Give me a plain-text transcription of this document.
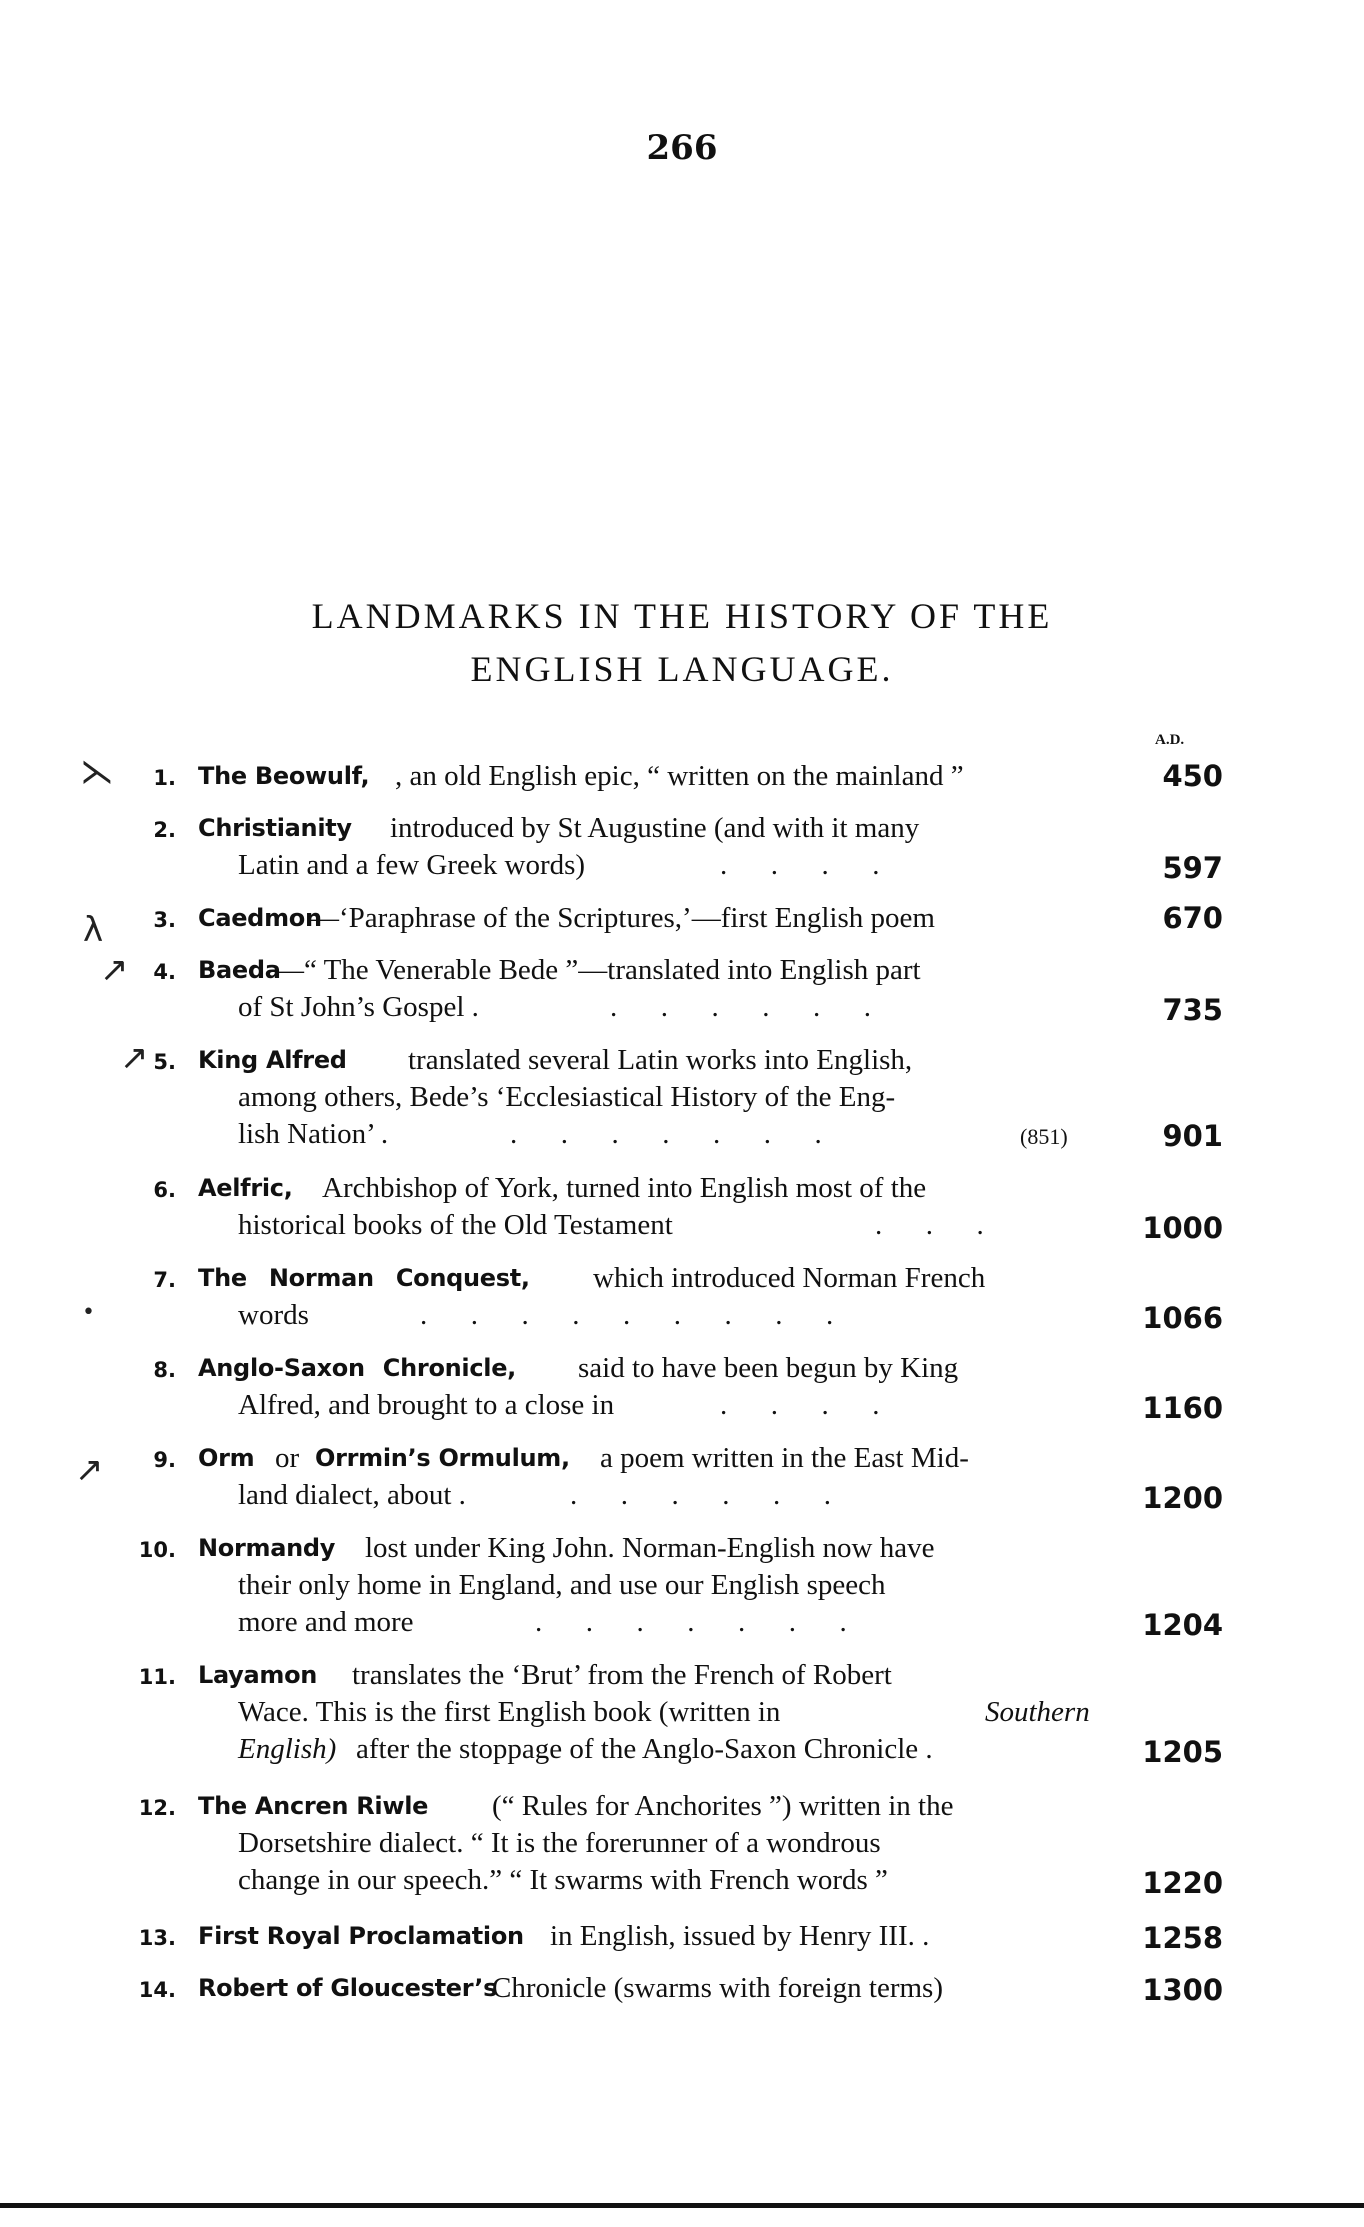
266
LANDMARKS IN THE HISTORY OF THE
ENGLISH LANGUAGE.
A.D.
⋋
λ
↗
↗
•
↗
1. The Beowulf, , an old English epic, “ written on the mainland ”	450
2. Christianity introduced by St Augustine (and with it many
Latin and a few Greek words)	.      .      .      .	597
3. Caedmon
—‘Paraphrase of the Scriptures,’—first English poem	670
4. Baeda
—“ The Venerable Bede ”—translated into English part
of St John’s Gospel .	.      .      .      .      .      .	735
5. King Alfred translated several Latin works into English,
among others, Bede’s ‘Ecclesiastical History of the Eng-
lish Nation’ .	.      .      .      .      .      .      .	(851)	901
6. Aelfric, Archbishop of York, turned into English most of the
historical books of the Old Testament	.      .      .	1000
7. The Norman Conquest, which introduced Norman French
words	.      .      .      .      .      .      .      .      .	1066
8. Anglo-Saxon Chronicle, said to have been begun by King
Alfred, and brought to a close in	.      .      .      .	1160
9. Orm or Orrmin’s Ormulum, a poem written in the East Mid-
land dialect, about .	.      .      .      .      .      .	1200
10. Normandy lost under King John. Norman-English now have
their only home in England, and use our English speech
more and more	.      .      .      .      .      .      .	1204
11. Layamon translates the ‘Brut’ from the French of Robert
Wace. This is the first English book (written in	Southern
English) after the stoppage of the Anglo-Saxon Chronicle .	1205
12. The Ancren Riwle (“ Rules for Anchorites ”) written in the
Dorsetshire dialect. “ It is the forerunner of a wondrous
change in our speech.” “ It swarms with French words ”	1220
13. First Royal Proclamation in English, issued by Henry III. .	1258
14. Robert of Gloucester’s
Chronicle (swarms with foreign terms)	1300
